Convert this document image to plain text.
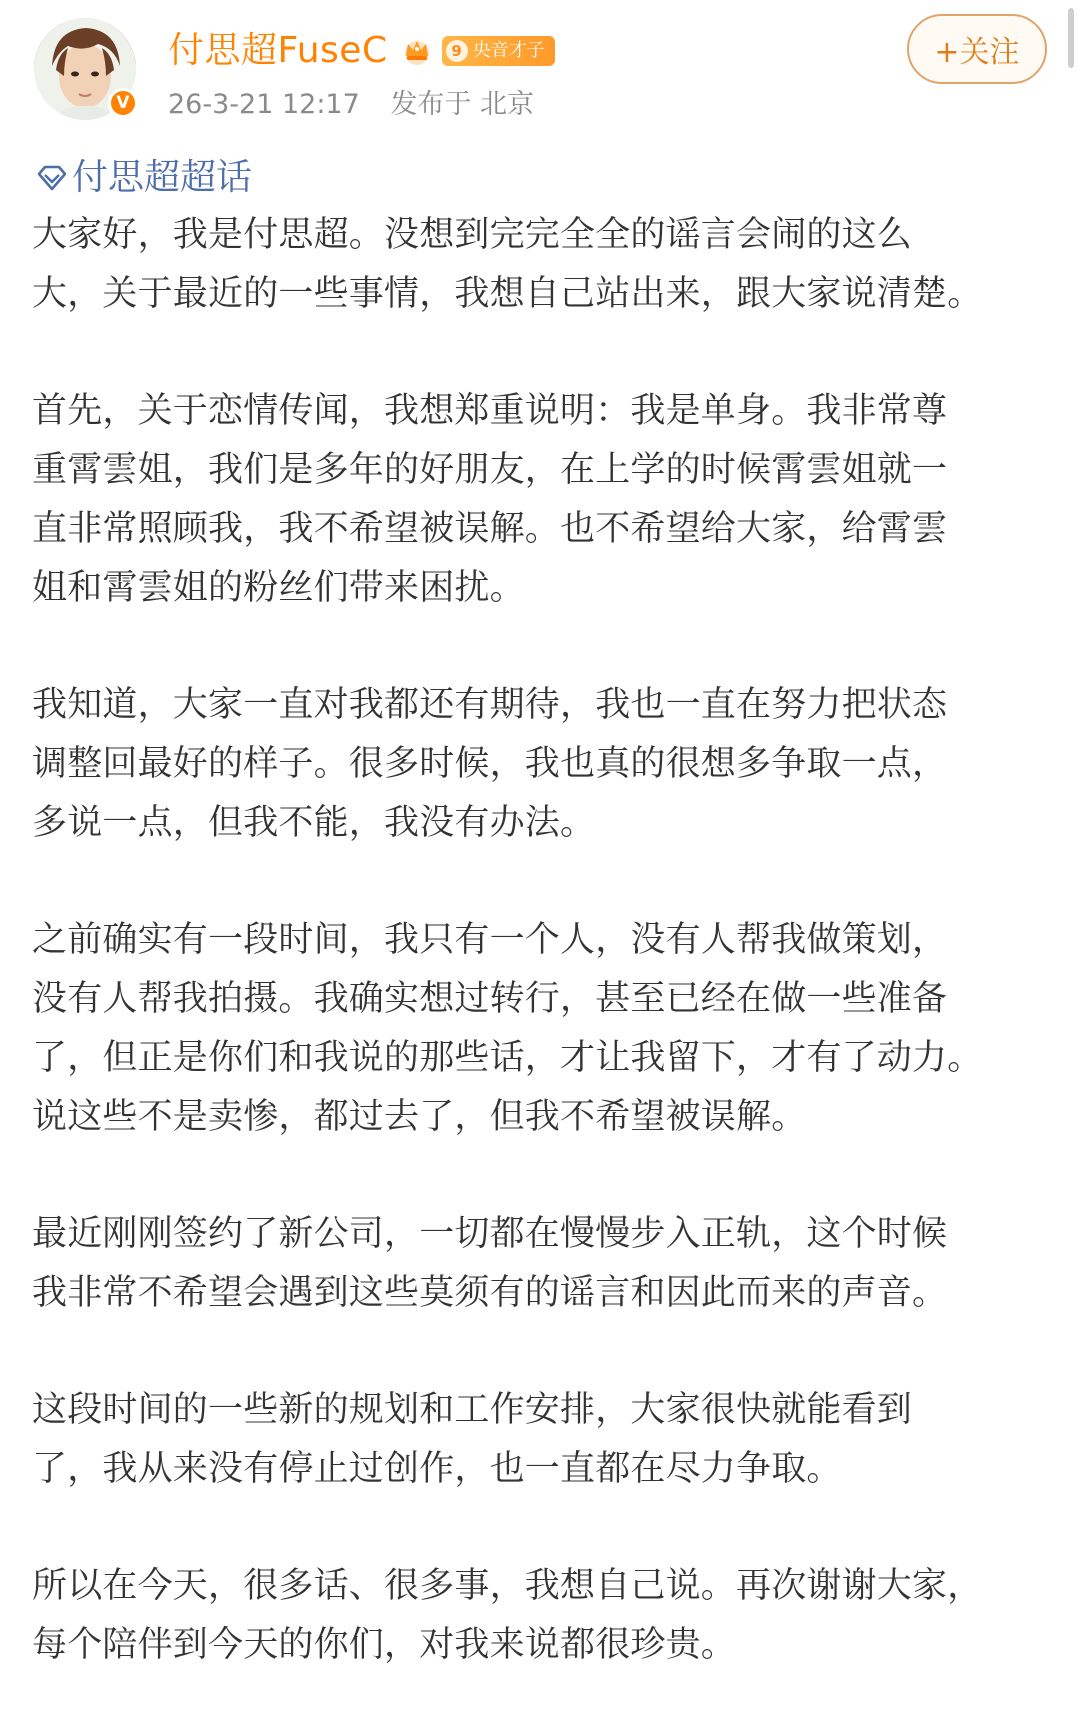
V
付思超FuseC	9 央音才子
26-3-21 12:17 发布于 北京
+关注
付思超超话
大家好，我是付思超。没想到完完全全的谣言会闹的这么
大，关于最近的一些事情，我想自己站出来，跟大家说清楚。
首先，关于恋情传闻，我想郑重说明：我是单身。我非常尊
重霄雲姐，我们是多年的好朋友，在上学的时候霄雲姐就一
直非常照顾我，我不希望被误解。也不希望给大家，给霄雲
姐和霄雲姐的粉丝们带来困扰。
我知道，大家一直对我都还有期待，我也一直在努力把状态
调整回最好的样子。很多时候，我也真的很想多争取一点，
多说一点，但我不能，我没有办法。
之前确实有一段时间，我只有一个人，没有人帮我做策划，
没有人帮我拍摄。我确实想过转行，甚至已经在做一些准备
了，但正是你们和我说的那些话，才让我留下，才有了动力。
说这些不是卖惨，都过去了，但我不希望被误解。
最近刚刚签约了新公司，一切都在慢慢步入正轨，这个时候
我非常不希望会遇到这些莫须有的谣言和因此而来的声音。
这段时间的一些新的规划和工作安排，大家很快就能看到
了，我从来没有停止过创作，也一直都在尽力争取。
所以在今天，很多话、很多事，我想自己说。再次谢谢大家，
每个陪伴到今天的你们，对我来说都很珍贵。
